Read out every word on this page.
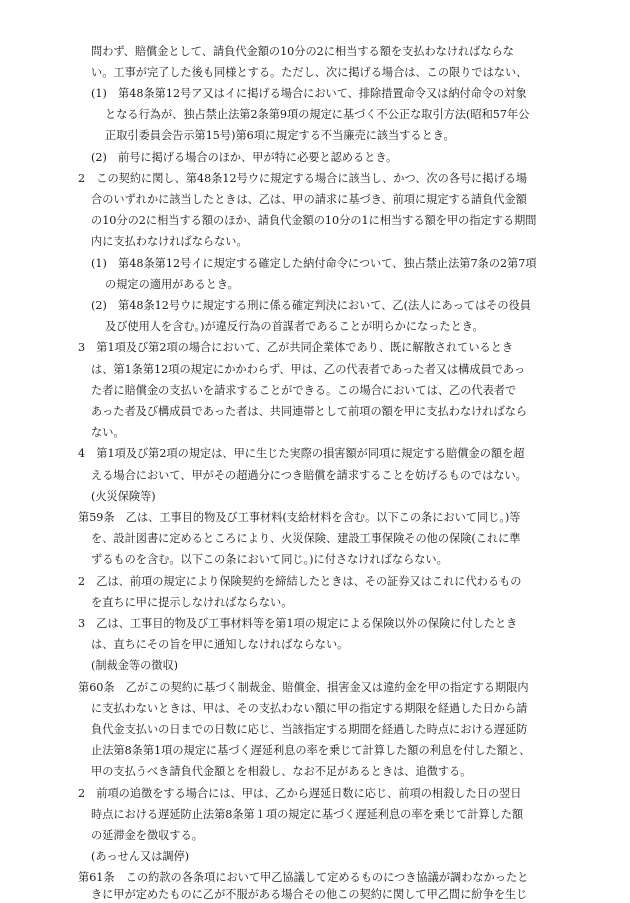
問わず、賠償金として、請負代金額の10分の2に相当する額を支払わなければならな
い。工事が完了した後も同様とする。ただし、次に掲げる場合は、この限りではない、
(1)　第48条第12号ア又はイに掲げる場合において、排除措置命令又は納付命令の対象
となる行為が、独占禁止法第2条第9項の規定に基づく不公正な取引方法(昭和57年公
正取引委員会告示第15号)第6項に規定する不当廉売に該当するとき。
(2)　前号に掲げる場合のほか、甲が特に必要と認めるとき。
2　この契約に関し、第48条12号ウに規定する場合に該当し、かつ、次の各号に掲げる場
合のいずれかに該当したときは、乙は、甲の請求に基づき、前項に規定する請負代金額
の10分の2に相当する額のほか、請負代金額の10分の1に相当する額を甲の指定する期間
内に支払わなければならない。
(1)　第48条第12号イに規定する確定した納付命令について、独占禁止法第7条の2第7項
の規定の適用があるとき。
(2)　第48条12号ウに規定する刑に係る確定判決において、乙(法人にあってはその役員
及び使用人を含む。)が違反行為の首謀者であることが明らかになったとき。
3　第1項及び第2項の場合において、乙が共同企業体であり、既に解散されているとき
は、第1条第12項の規定にかかわらず、甲は、乙の代表者であった者又は構成員であっ
た者に賠償金の支払いを請求することができる。この場合においては、乙の代表者で
あった者及び構成員であった者は、共同連帯として前項の額を甲に支払わなければなら
ない。
4　第1項及び第2項の規定は、甲に生じた実際の損害額が同項に規定する賠償金の額を超
える場合において、甲がその超過分につき賠償を請求することを妨げるものではない。
(火災保険等)
第59条　乙は、工事目的物及び工事材料(支給材料を含む。以下この条において同じ。)等
を、設計図書に定めるところにより、火災保険、建設工事保険その他の保険(これに準
ずるものを含む。以下この条において同じ。)に付さなければならない。
2　乙は、前項の規定により保険契約を締結したときは、その証券又はこれに代わるもの
を直ちに甲に提示しなければならない。
3　乙は、工事目的物及び工事材料等を第1項の規定による保険以外の保険に付したとき
は、直ちにその旨を甲に通知しなければならない。
(制裁金等の徴収)
第60条　乙がこの契約に基づく制裁金、賠償金、損害金又は違約金を甲の指定する期限内
に支払わないときは、甲は、その支払わない額に甲の指定する期限を経過した日から請
負代金支払いの日までの日数に応じ、当該指定する期間を経過した時点における遅延防
止法第8条第1項の規定に基づく遅延利息の率を乗じて計算した額の利息を付した額と、
甲の支払うべき請負代金額とを相殺し、なお不足があるときは、追徴する。
2　前項の追徴をする場合には、甲は、乙から遅延日数に応じ、前項の相殺した日の翌日
時点における遅延防止法第8条第１項の規定に基づく遅延利息の率を乗じて計算した額
の延滞金を徴収する。
(あっせん又は調停)
第61条　この約款の各条項において甲乙協議して定めるものにつき協議が調わなかったと
きに甲が定めたものに乙が不服がある場合その他この契約に関して甲乙間に紛争を生じ
